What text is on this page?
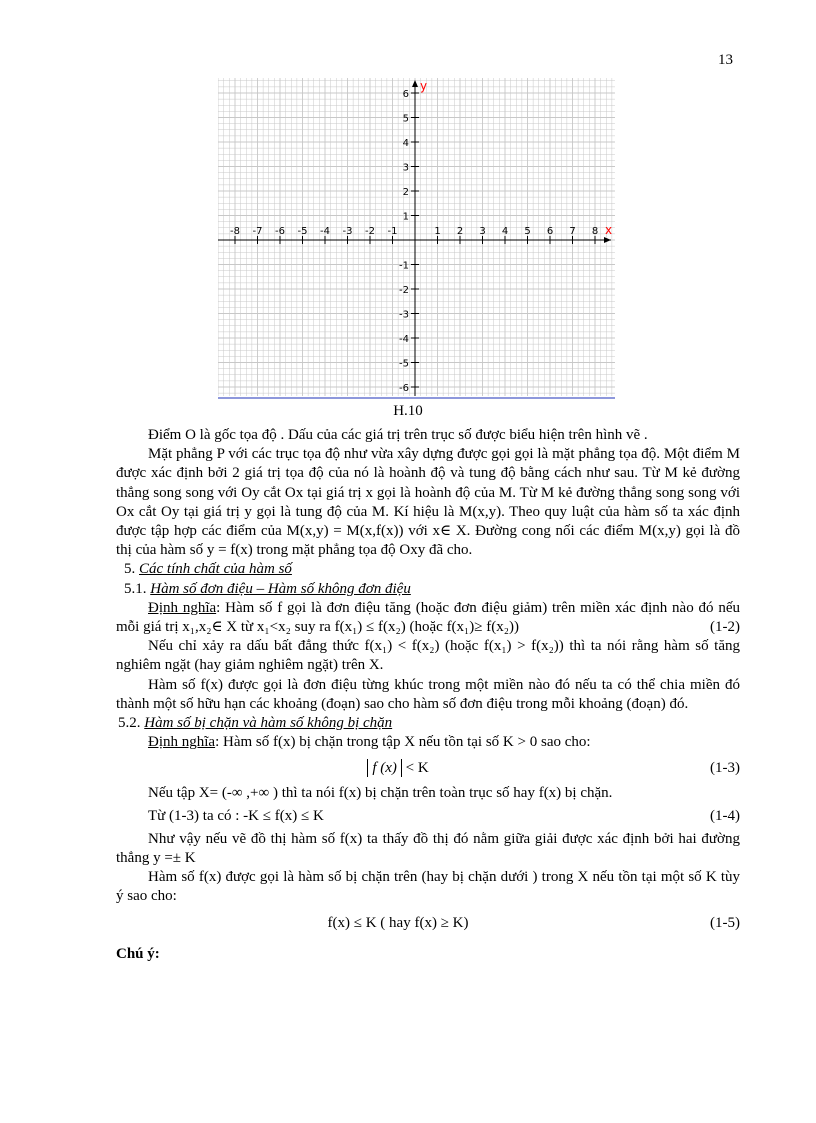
13
x
y
-8 -7 -6 -5 -4 -3 -2 -1	1 2 3 4 5 6 7 8
6
5
4
3
2
1
-1
-2
-3
-4
-5
-6
H.10

Điểm O là gốc tọa độ . Dấu của các giá trị trên trục số được biểu hiện trên hình vẽ .

Mặt phẳng P với các trục tọa độ như vừa xây dựng được gọi gọi là mặt phẳng tọa độ. Một điểm M được xác định bởi 2 giá trị tọa độ của nó là hoành độ và tung độ bằng cách như sau. Từ M kẻ đường thẳng song song với Oy cắt Ox tại giá trị x gọi là hoành độ của M. Từ M kẻ đường thẳng song song với Ox cắt Oy tại giá trị y gọi là tung độ của M. Kí hiệu là M(x,y). Theo quy luật của hàm số ta xác định được tập hợp các điểm của M(x,y) = M(x,f(x)) với x∈ X. Đường cong nối các điểm M(x,y) gọi là đồ thị của hàm số y = f(x) trong mặt phẳng tọa độ Oxy đã cho.

5. Các tính chất của hàm số

5.1. Hàm số đơn điệu – Hàm số không đơn điệu

Định nghĩa: Hàm số f gọi là đơn điệu tăng (hoặc đơn điệu giảm) trên miền xác định nào đó nếu mỗi giá trị x₁,x₂∈ X từ x₁<x₂ suy ra f(x₁) ≤ f(x₂) (hoặc f(x₁)≥ f(x₂))	(1-2)

Nếu chỉ xảy ra dấu bất đẳng thức f(x₁) < f(x₂) (hoặc f(x₁) > f(x₂)) thì ta nói rằng hàm số tăng nghiêm ngặt (hay giảm nghiêm ngặt) trên X.

Hàm số f(x) được gọi là đơn điệu từng khúc trong một miền nào đó nếu ta có thể chia miền đó thành một số hữu hạn các khoảng (đoạn) sao cho hàm số đơn điệu trong mỗi khoảng (đoạn) đó.

5.2. Hàm số bị chặn và hàm số không bị chặn

Định nghĩa: Hàm số f(x) bị chặn trong tập X nếu tồn tại số K > 0 sao cho:

f (x) < K	(1-3)

Nếu tập X= (-∞ ,+∞ ) thì ta nói f(x) bị chặn trên toàn trục số hay f(x) bị chặn.

Từ (1-3) ta có : -K ≤ f(x) ≤ K	(1-4)

Như vậy nếu vẽ đồ thị hàm số f(x) ta thấy đồ thị đó nằm giữa giải được xác định bởi hai đường thẳng y =± K

Hàm số f(x) được gọi là hàm số bị chặn trên (hay bị chặn dưới ) trong X nếu tồn tại một số K tùy ý sao cho:

f(x) ≤ K ( hay f(x) ≥ K)	(1-5)

Chú ý:
